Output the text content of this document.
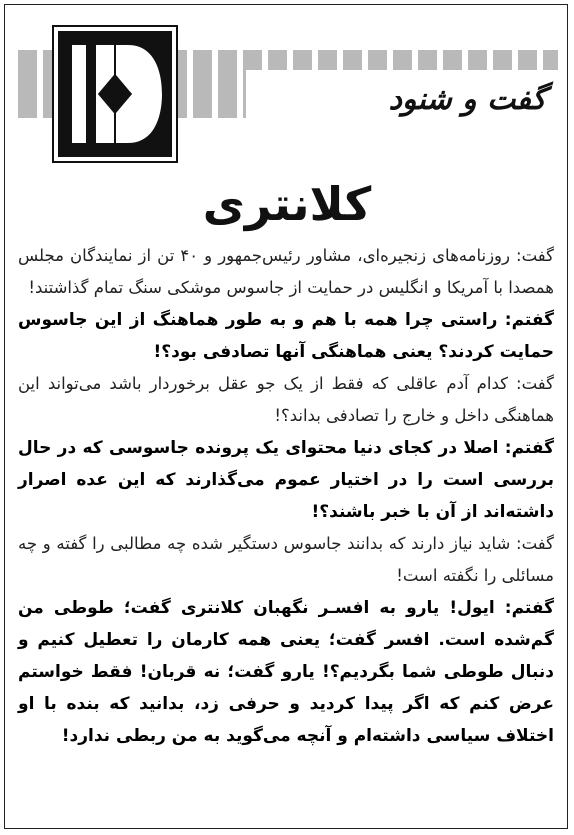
گفت و شنود
کلانتری

گفت: روزنامه‌های زنجیره‌ای، مشاور رئیس‌جمهور و ۴۰ تن از نمایندگان مجلس همصدا با آمریکا و انگلیس در حمایت از جاسوس موشکی سنگ تمام گذاشتند!

گفتم: راستی چرا همه با هم و به طور هماهنگ از این جاسوس حمایت کردند؟ یعنی هماهنگی آنها تصادفی بود؟!

گفت: کدام آدم عاقلی که فقط از یک جو عقل برخوردار باشد می‌تواند این هماهنگی داخل و خارج را تصادفی بداند؟!

گفتم: اصلا در کجای دنیا محتوای یک پرونده جاسوسی که در حال بررسی است را در اختیار عموم می‌گذارند که این عده اصرار داشته‌اند از آن با خبر باشند؟!

گفت: شاید نیاز دارند که بدانند جاسوس دستگیر شده چه مطالبی را گفته و چه مسائلی را نگفته است!

گفتم: ایول! یارو به افسـر نگهبان کلانتری گفت؛ طوطی من گم‌شده است. افسر گفت؛ یعنی همه کارمان را تعطیل کنیم و دنبال طوطی شما بگردیم؟! یارو گفت؛ نه قربان! فقط خواستم عرض کنم که اگر پیدا کردید و حرفی زد، بدانید که بنده با او اختلاف سیاسی داشته‌ام و آنچه می‌گوید به من ربطی ندارد!
